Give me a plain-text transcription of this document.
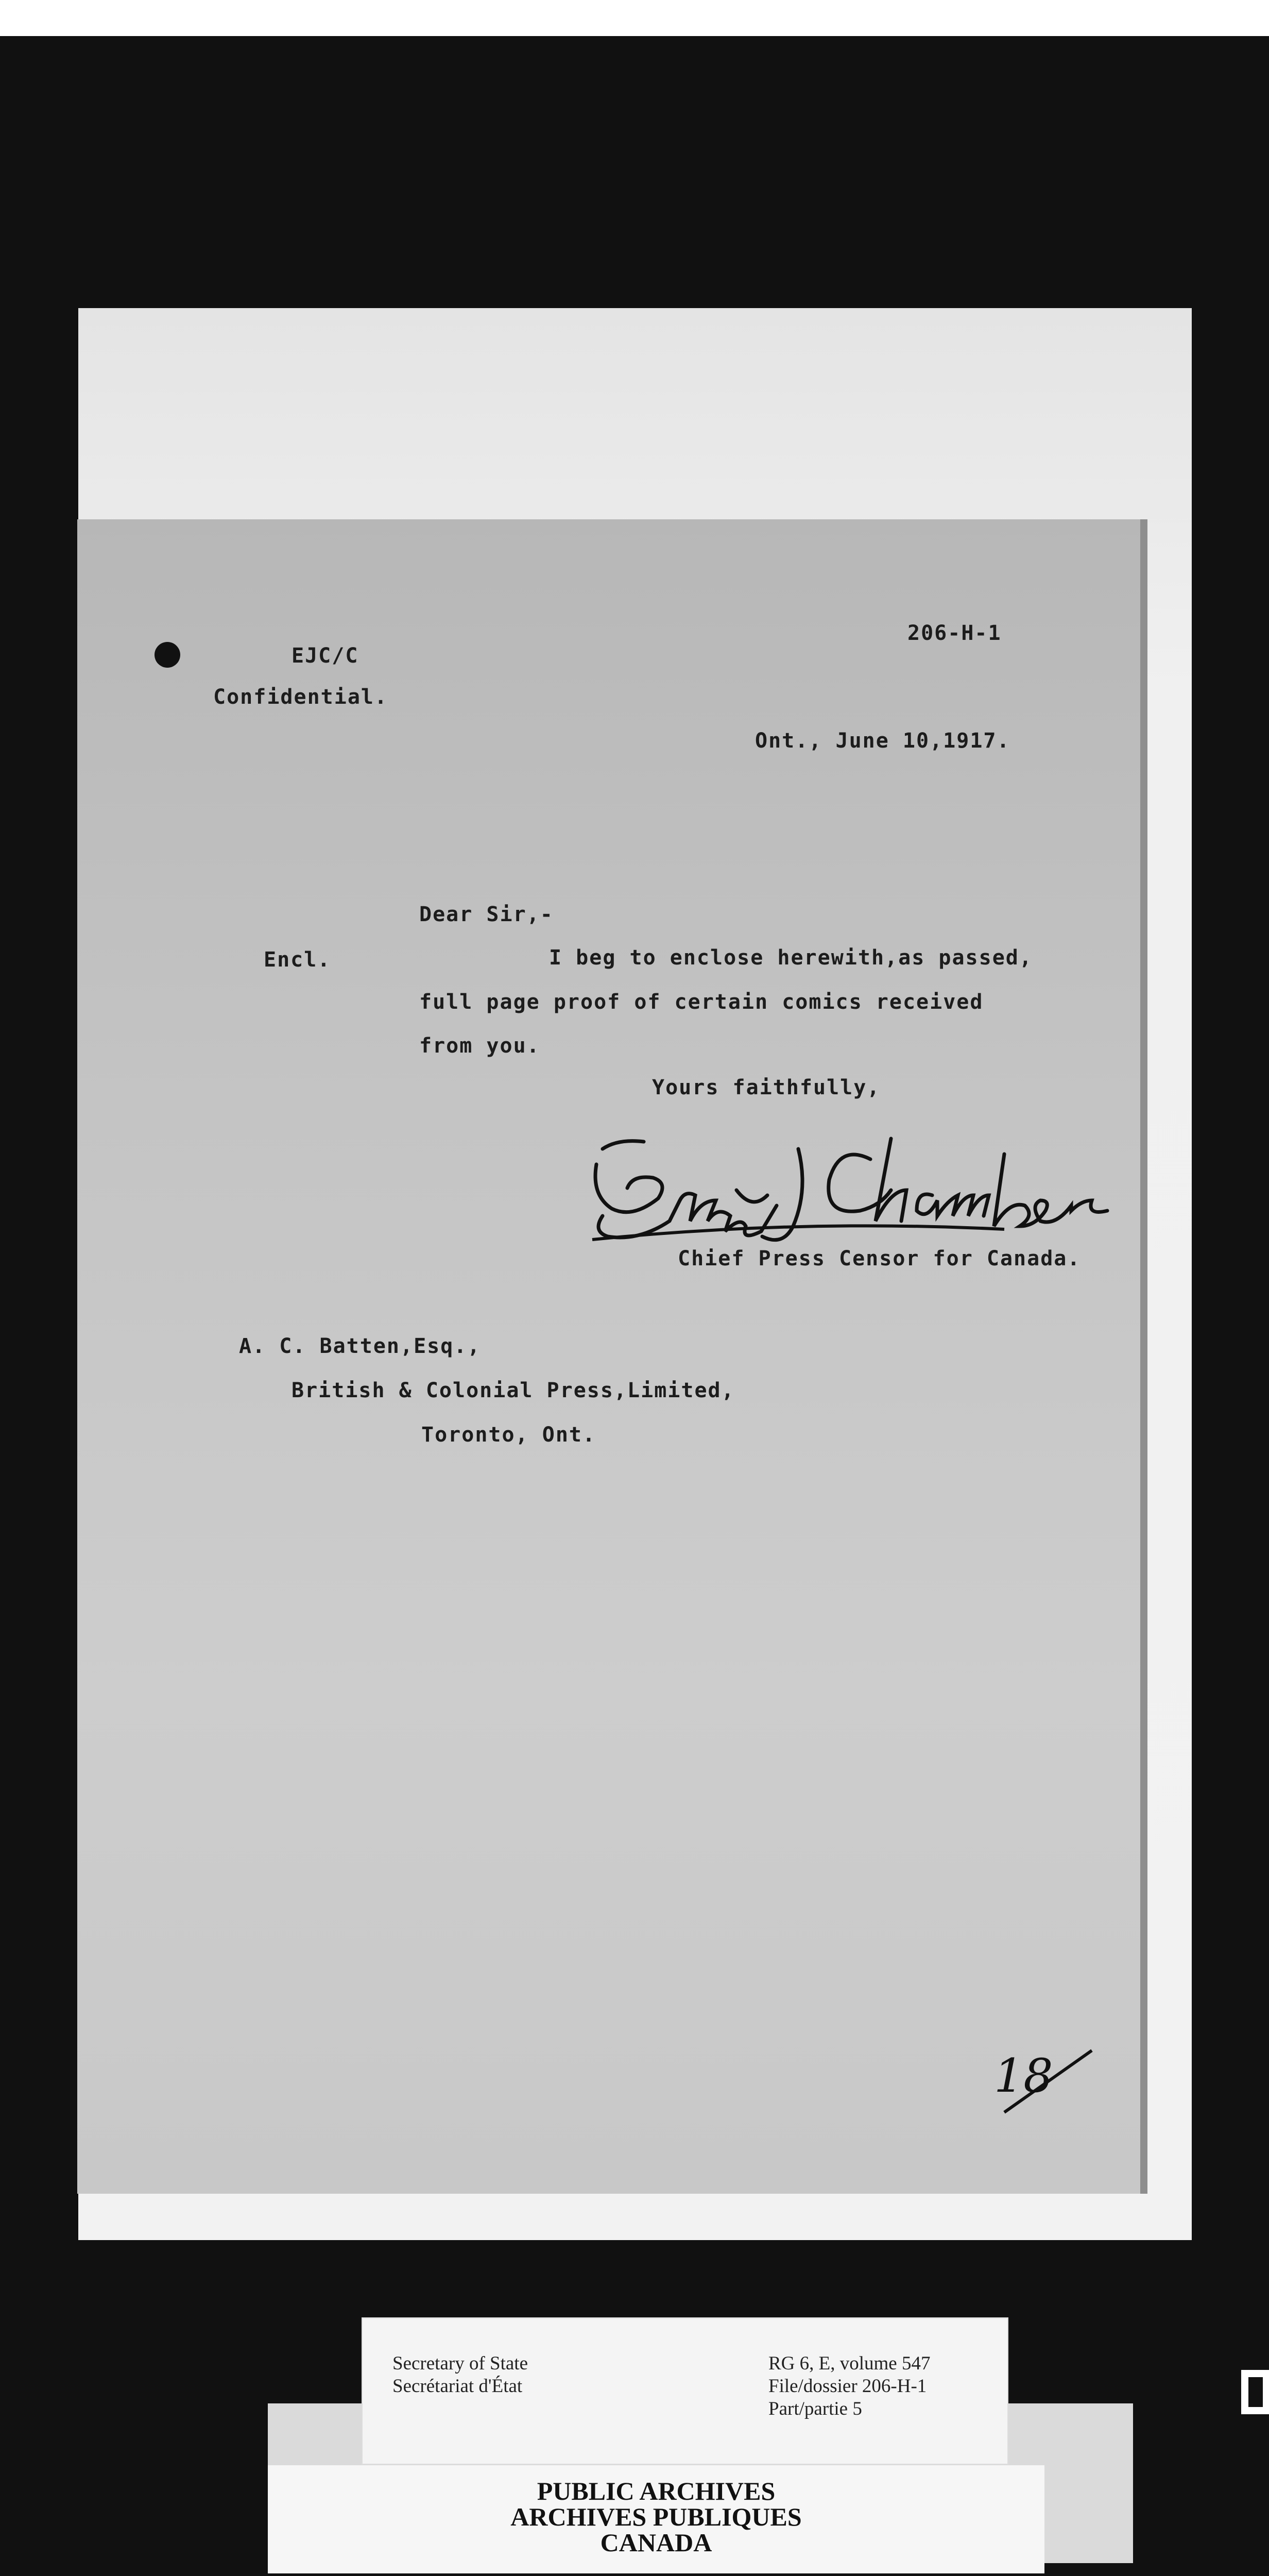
206-H-1
EJC/C
Confidential.
Ont., June 10,1917.
Dear Sir,-
Encl.	I beg to enclose herewith,as passed,
full page proof of certain comics received
from you.
Yours faithfully,
Chief Press Censor for Canada.
A. C. Batten,Esq.,
British & Colonial Press,Limited,
Toronto, Ont.
18
PUBLIC ARCHIVES
ARCHIVES PUBLIQUES
CANADA
Secretary of State
Secrétariat d'État
RG 6, E, volume 547
File/dossier 206-H-1
Part/partie 5
